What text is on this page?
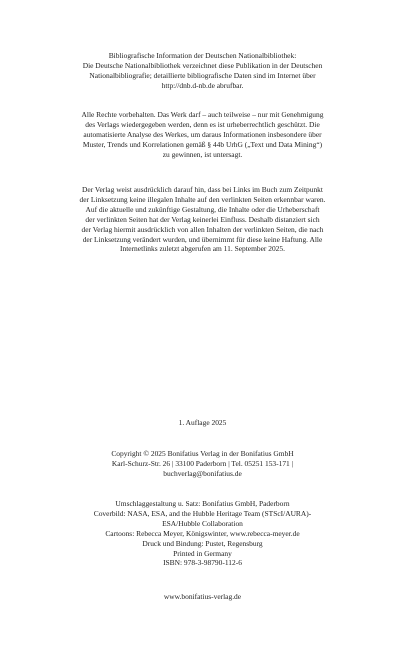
Bibliografische Information der Deutschen Nationalbibliothek:
Die Deutsche Nationalbibliothek verzeichnet diese Publikation in der Deutschen
Nationalbibliografie; detaillierte bibliografische Daten sind im Internet über
http://dnb.d-nb.de abrufbar.
Alle Rechte vorbehalten. Das Werk darf – auch teilweise – nur mit Genehmigung
des Verlags wiedergegeben werden, denn es ist urheberrechtlich geschützt. Die
automatisierte Analyse des Werkes, um daraus Informationen insbesondere über
Muster, Trends und Korrelationen gemäß § 44b UrhG („Text und Data Mining“)
zu gewinnen, ist untersagt.
Der Verlag weist ausdrücklich darauf hin, dass bei Links im Buch zum Zeitpunkt
der Linksetzung keine illegalen Inhalte auf den verlinkten Seiten erkennbar waren.
Auf die aktuelle und zukünftige Gestaltung, die Inhalte oder die Urheberschaft
der verlinkten Seiten hat der Verlag keinerlei Einfluss. Deshalb distanziert sich
der Verlag hiermit ausdrücklich von allen Inhalten der verlinkten Seiten, die nach
der Linksetzung verändert wurden, und übernimmt für diese keine Haftung. Alle
Internetlinks zuletzt abgerufen am 11. September 2025.
1. Auflage 2025
Copyright © 2025 Bonifatius Verlag in der Bonifatius GmbH
Karl-Schurz-Str. 26 | 33100 Paderborn | Tel. 05251 153-171 |
buchverlag@bonifatius.de
Umschlaggestaltung u. Satz: Bonifatius GmbH, Paderborn
Coverbild: NASA, ESA, and the Hubble Heritage Team (STScI/AURA)-
ESA/Hubble Collaboration
Cartoons: Rebecca Meyer, Königswinter, www.rebecca-meyer.de
Druck und Bindung: Pustet, Regensburg
Printed in Germany
ISBN: 978-3-98790-112-6
www.bonifatius-verlag.de
